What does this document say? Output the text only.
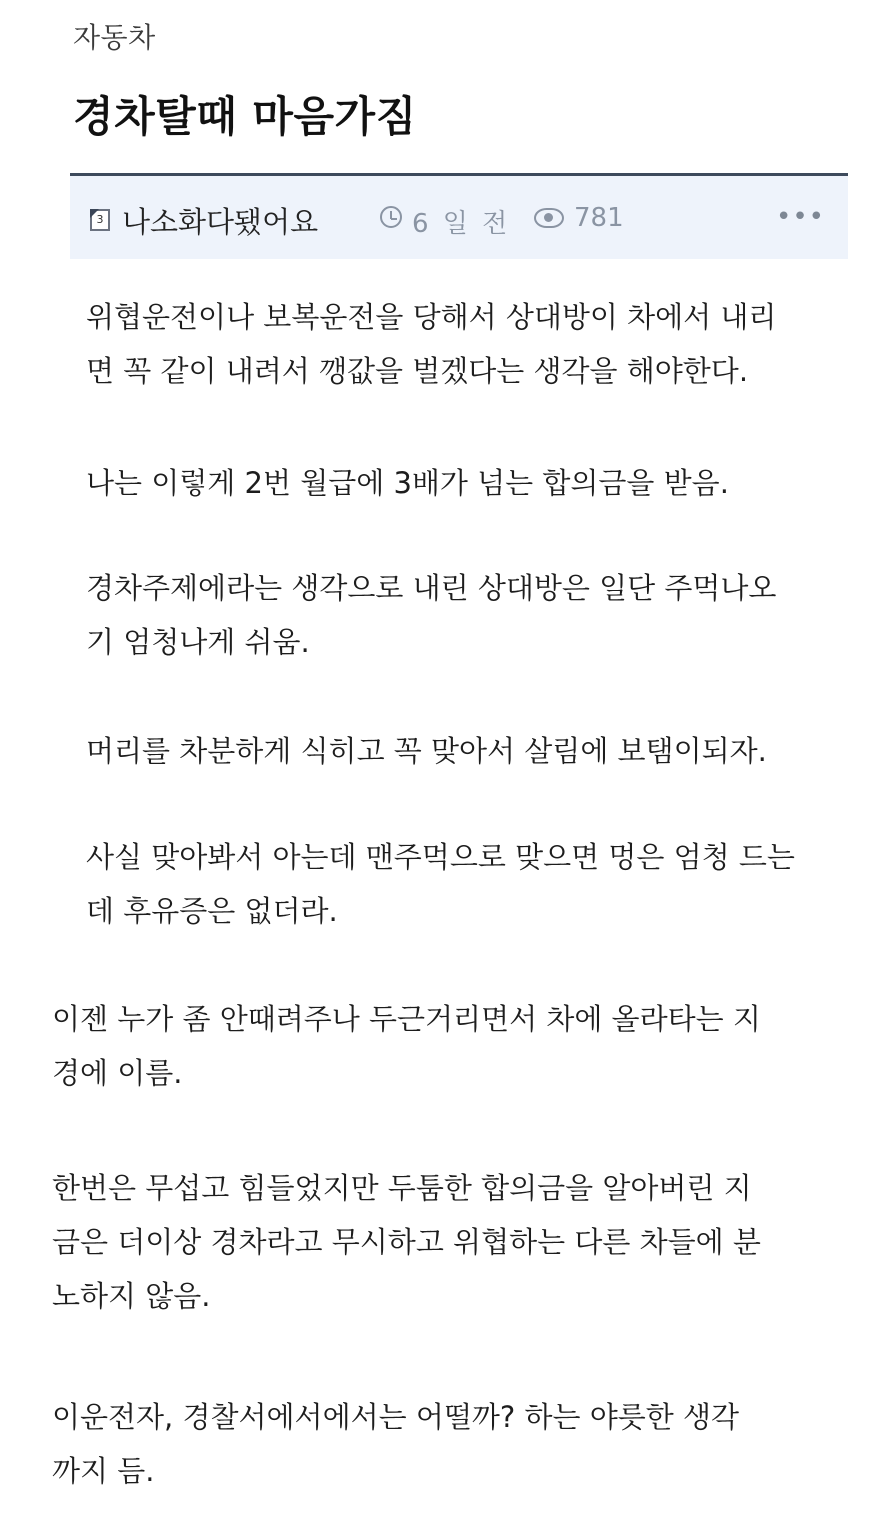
자동차
경차탈때 마음가짐
3 나소화다됐어요	6 일 전 781	•••

위협운전이나 보복운전을 당해서 상대방이 차에서 내리
면 꼭 같이 내려서 깽값을 벌겠다는 생각을 해야한다.

나는 이렇게 2번 월급에 3배가 넘는 합의금을 받음.

경차주제에라는 생각으로 내린 상대방은 일단 주먹나오
기 엄청나게 쉬움.

머리를 차분하게 식히고 꼭 맞아서 살림에 보탬이되자.

사실 맞아봐서 아는데 맨주먹으로 맞으면 멍은 엄청 드는
데 후유증은 없더라.

이젠 누가 좀 안때려주나 두근거리면서 차에 올라타는 지
경에 이름.

한번은 무섭고 힘들었지만 두툼한 합의금을 알아버린 지
금은 더이상 경차라고 무시하고 위협하는 다른 차들에 분
노하지 않음.

이운전자, 경찰서에서에서는 어떨까? 하는 야릇한 생각
까지 듬.
